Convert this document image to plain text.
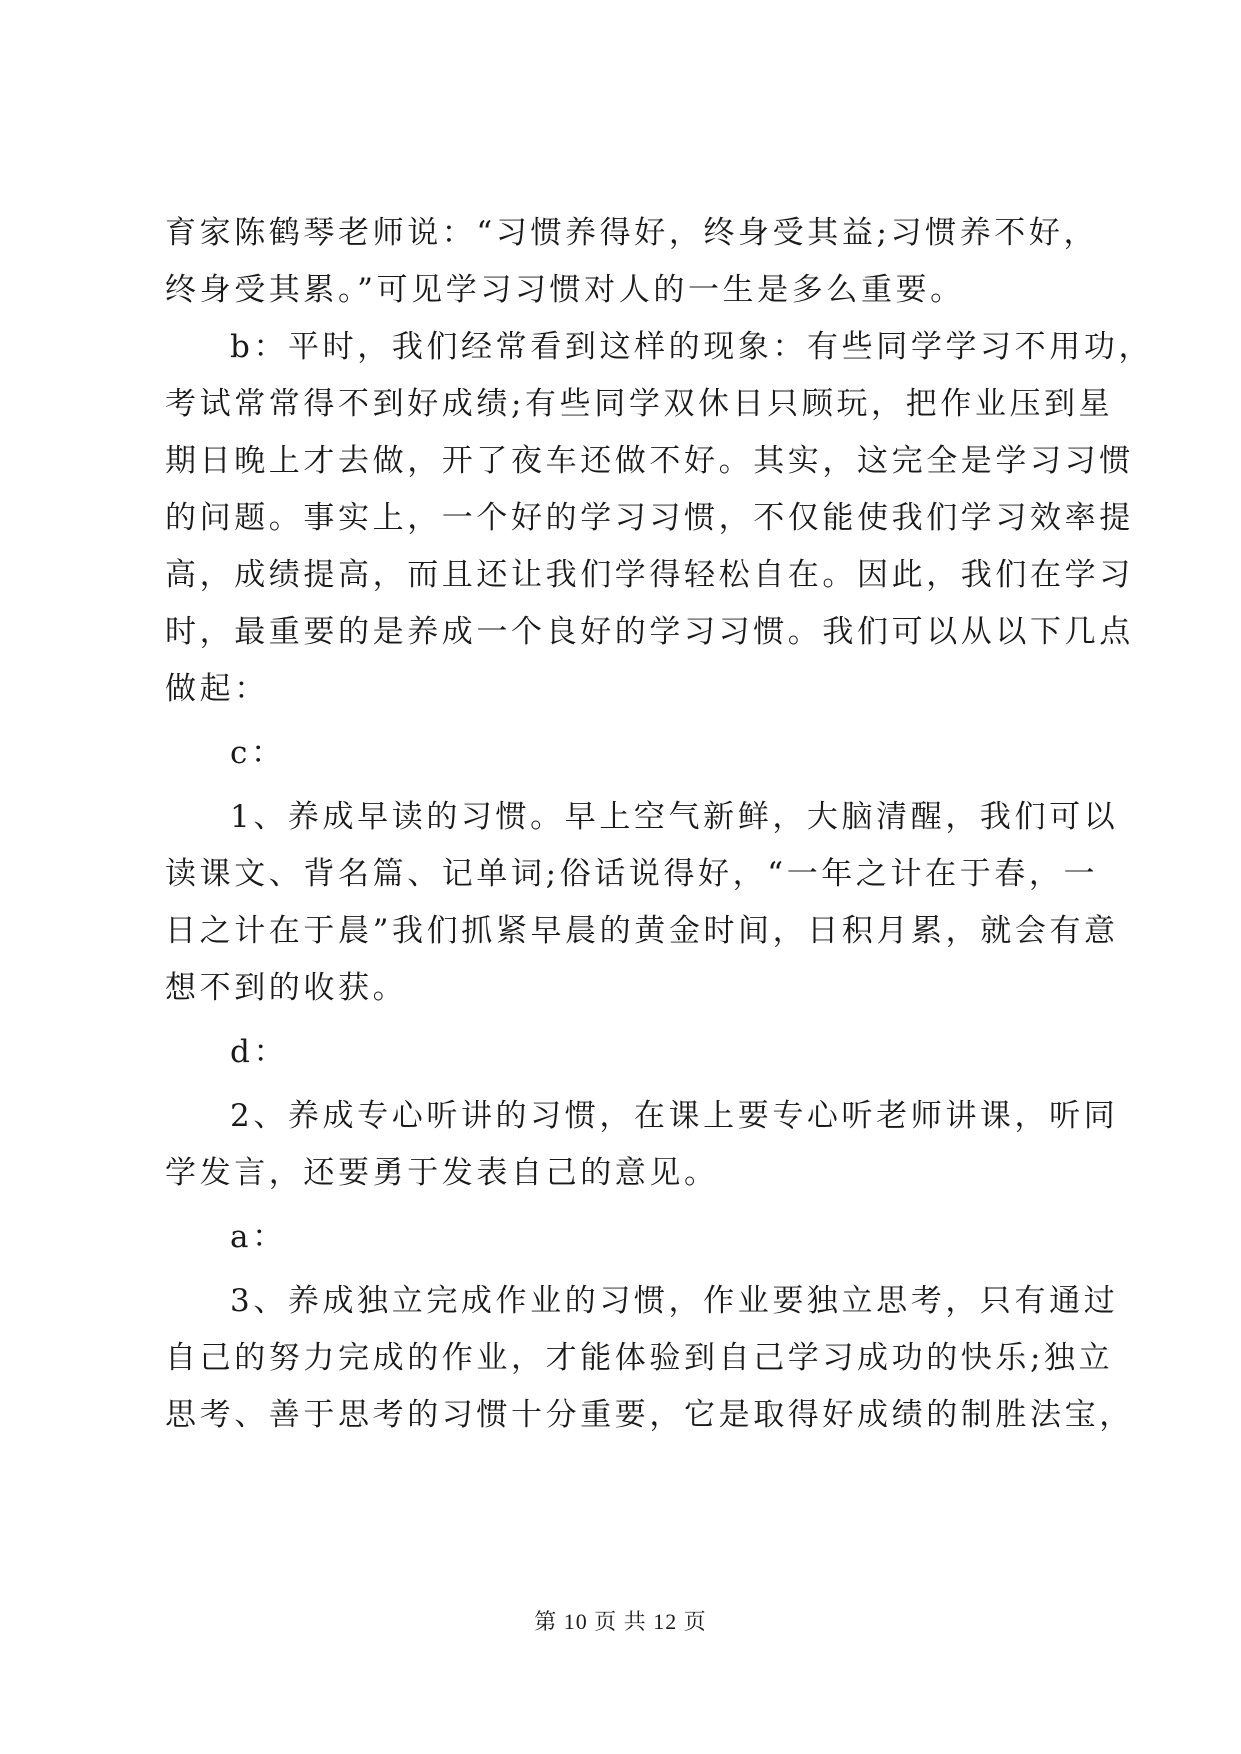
育家陈鹤琴老师说：“习惯养得好，终身受其益;习惯养不好，
终身受其累。”可见学习习惯对人的一生是多么重要。
b：平时，我们经常看到这样的现象：有些同学学习不用功，
考试常常得不到好成绩;有些同学双休日只顾玩，把作业压到星
期日晚上才去做，开了夜车还做不好。其实，这完全是学习习惯
的问题。事实上，一个好的学习习惯，不仅能使我们学习效率提
高，成绩提高，而且还让我们学得轻松自在。因此，我们在学习
时，最重要的是养成一个良好的学习习惯。我们可以从以下几点
做起：
c：
1、养成早读的习惯。早上空气新鲜，大脑清醒，我们可以
读课文、背名篇、记单词;俗话说得好，“一年之计在于春，一
日之计在于晨”我们抓紧早晨的黄金时间，日积月累，就会有意
想不到的收获。
d：
2、养成专心听讲的习惯，在课上要专心听老师讲课，听同
学发言，还要勇于发表自己的意见。
a：
3、养成独立完成作业的习惯，作业要独立思考，只有通过
自己的努力完成的作业，才能体验到自己学习成功的快乐;独立
思考、善于思考的习惯十分重要，它是取得好成绩的制胜法宝，
第 10 页 共 12 页
